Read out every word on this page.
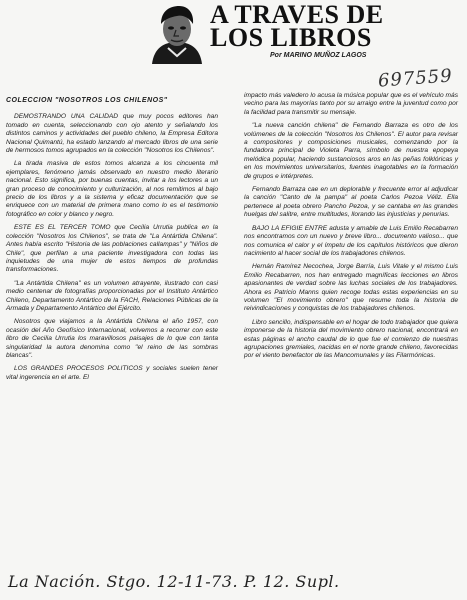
A TRAVES DE
LOS LIBROS
Por MARINO MUÑOZ LAGOS
697559
COLECCION "NOSOTROS LOS CHILENOS"

DEMOSTRANDO UNA CALIDAD que muy pocos editores han tomado en cuenta, seleccionando con ojo atento y señalando los distintos caminos y actividades del pueblo chileno, la Empresa Editora Nacional Quimantú, ha estado lanzando al mercado libros de una serie de hermosos tomos agrupados en la colección "Nosotros los Chilenos".

La tirada masiva de estos tomos alcanza a los cincuenta mil ejemplares, fenómeno jamás observado en nuestro medio literario nacional. Esto significa, por buenas cuentas, invitar a los lectores a un gran proceso de conocimiento y culturización, al nos remitimos al bajo precio de los libros y a la sistema y eficaz documentación que se enriquece con un material de primera mano como lo es el testimonio fotográfico en color y blanco y negro.

ESTE ES EL TERCER TOMO que Cecilia Urrutia publica en la colección "Nosotros los Chilenos", se trata de "La Antártida Chilena". Antes había escrito "Historia de las poblaciones callampas" y "Niños de Chile", que perfilan a una paciente investigadora con todas las inquietudes de una mujer de estos tiempos de profundas transformaciones.

"La Antártida Chilena" es un volumen atrayente, ilustrado con casi medio centenar de fotografías proporcionadas por el Instituto Antártico Chileno, Departamento Antártico de la FACH, Relaciones Públicas de la Armada y Departamento Antártico del Ejército.

Nosotros que viajamos a la Antártida Chilena el año 1957, con ocasión del Año Geofísico Internacional, volvemos a recorrer con este libro de Cecilia Urrutia los maravillosos paisajes de lo que con tanta singularidad la autora denomina como "el reino de las sombras blancas".

LOS GRANDES PROCESOS POLITICOS y sociales suelen tener vital ingerencia en el arte. El

impacto más valedero lo acusa la música popular que es el vehículo más vecino para las mayorías tanto por su arraigo entre la juventud como por la facilidad para transmitir su mensaje.

"La nueva canción chilena" de Fernando Barraza es otro de los volúmenes de la colección "Nosotros los Chilenos". El autor para revisar a compositores y composiciones musicales, comenzando por la fundadora principal de Violeta Parra, símbolo de nuestra epopeya melódica popular, haciendo sustanciosos aros en las peñas folklóricas y en los movimientos universitarios, fuentes inagotables en la formación de grupos e intérpretes.

Fernando Barraza cae en un deplorable y frecuente error al adjudicar la canción "Canto de la pampa" al poeta Carlos Pezoa Véliz. Ella pertenece al poeta obrero Pancho Pezoa, y se cantaba en las grandes huelgas del salitre, entre multitudes, llorando las injusticias y penurias.

BAJO LA EFIGIE ENTRE adusta y amable de Luis Emilio Recabarren nos encontramos con un nuevo y breve libro... documento valioso... que nos comunica el calor y el ímpetu de los capítulos históricos que dieron nacimiento al hacer social de los trabajadores chilenos.

Hernán Ramírez Necochea, Jorge Barría, Luis Vitale y el mismo Luis Emilio Recabarren, nos han entregado magníficas lecciones en libros apasionantes de verdad sobre las luchas sociales de los trabajadores. Ahora es Patricio Manns quien recoge todas estas experiencias en su volumen "El movimiento obrero" que resume toda la historia de reivindicaciones y conquistas de los trabajadores chilenos.

Libro sencillo, indispensable en el hogar de todo trabajador que quiera imponerse de la historia del movimiento obrero nacional, encontrará en estas páginas el ancho caudal de lo que fue el comienzo de nuestras agrupaciones gremiales, nacidas en el norte grande chileno, favorecidas por el viento benefactor de las Mancomunales y las Filarmónicas.

La Nación. Stgo. 12-11-73. P. 12. Supl.
